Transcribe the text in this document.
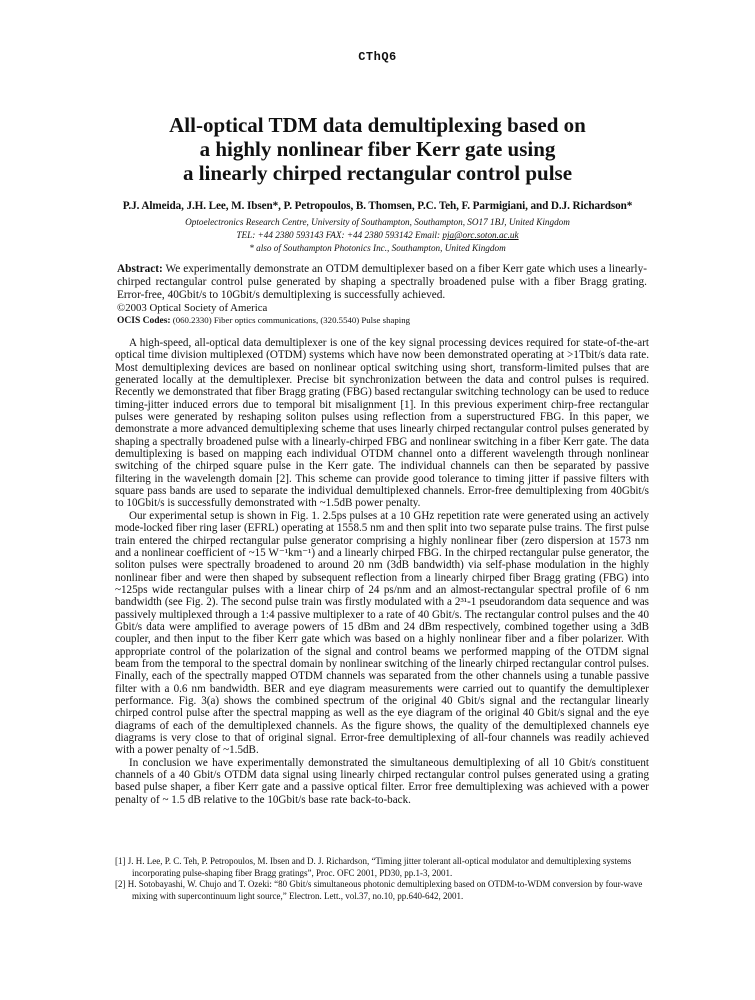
CThQ6
All-optical TDM data demultiplexing based on
a highly nonlinear fiber Kerr gate using
a linearly chirped rectangular control pulse
P.J. Almeida, J.H. Lee, M. Ibsen*, P. Petropoulos, B. Thomsen, P.C. Teh, F. Parmigiani, and D.J. Richardson*
Optoelectronics Research Centre, University of Southampton, Southampton, SO17 1BJ, United Kingdom
TEL: +44 2380 593143 FAX: +44 2380 593142 Email: pja@orc.soton.ac.uk
* also of Southampton Photonics Inc., Southampton, United Kingdom
Abstract: We experimentally demonstrate an OTDM demultiplexer based on a fiber Kerr gate which uses a linearly-chirped rectangular control pulse generated by shaping a spectrally broadened pulse with a fiber Bragg grating. Error-free, 40Gbit/s to 10Gbit/s demultiplexing is successfully achieved.
©2003 Optical Society of America
OCIS Codes: (060.2330) Fiber optics communications, (320.5540) Pulse shaping

A high-speed, all-optical data demultiplexer is one of the key signal processing devices required for state-of-the-art optical time division multiplexed (OTDM) systems which have now been demonstrated operating at >1Tbit/s data rate. Most demultiplexing devices are based on nonlinear optical switching using short, transform-limited pulses that are generated locally at the demultiplexer. Precise bit synchronization between the data and control pulses is required. Recently we demonstrated that fiber Bragg grating (FBG) based rectangular switching technology can be used to reduce timing-jitter induced errors due to temporal bit misalignment [1]. In this previous experiment chirp-free rectangular pulses were generated by reshaping soliton pulses using reflection from a superstructured FBG. In this paper, we demonstrate a more advanced demultiplexing scheme that uses linearly chirped rectangular control pulses generated by shaping a spectrally broadened pulse with a linearly-chirped FBG and nonlinear switching in a fiber Kerr gate. The data demultiplexing is based on mapping each individual OTDM channel onto a different wavelength through nonlinear switching of the chirped square pulse in the Kerr gate. The individual channels can then be separated by passive filtering in the wavelength domain [2]. This scheme can provide good tolerance to timing jitter if passive filters with square pass bands are used to separate the individual demultiplexed channels. Error-free demultiplexing from 40Gbit/s to 10Gbit/s is successfully demonstrated with ~1.5dB power penalty.

Our experimental setup is shown in Fig. 1. 2.5ps pulses at a 10 GHz repetition rate were generated using an actively mode-locked fiber ring laser (EFRL) operating at 1558.5 nm and then split into two separate pulse trains. The first pulse train entered the chirped rectangular pulse generator comprising a highly nonlinear fiber (zero dispersion at 1573 nm and a nonlinear coefficient of ~15 W⁻¹km⁻¹) and a linearly chirped FBG. In the chirped rectangular pulse generator, the soliton pulses were spectrally broadened to around 20 nm (3dB bandwidth) via self-phase modulation in the highly nonlinear fiber and were then shaped by subsequent reflection from a linearly chirped fiber Bragg grating (FBG) into ~125ps wide rectangular pulses with a linear chirp of 24 ps/nm and an almost-rectangular spectral profile of 6 nm bandwidth (see Fig. 2). The second pulse train was firstly modulated with a 2³¹-1 pseudorandom data sequence and was passively multiplexed through a 1:4 passive multiplexer to a rate of 40 Gbit/s. The rectangular control pulses and the 40 Gbit/s data were amplified to average powers of 15 dBm and 24 dBm respectively, combined together using a 3dB coupler, and then input to the fiber Kerr gate which was based on a highly nonlinear fiber and a fiber polarizer. With appropriate control of the polarization of the signal and control beams we performed mapping of the OTDM signal beam from the temporal to the spectral domain by nonlinear switching of the linearly chirped rectangular control pulses. Finally, each of the spectrally mapped OTDM channels was separated from the other channels using a tunable passive filter with a 0.6 nm bandwidth. BER and eye diagram measurements were carried out to quantify the demultiplexer performance. Fig. 3(a) shows the combined spectrum of the original 40 Gbit/s signal and the rectangular linearly chirped control pulse after the spectral mapping as well as the eye diagram of the original 40 Gbit/s signal and the eye diagrams of each of the demultiplexed channels. As the figure shows, the quality of the demultiplexed channels eye diagrams is very close to that of original signal. Error-free demultiplexing of all-four channels was readily achieved with a power penalty of ~1.5dB.

In conclusion we have experimentally demonstrated the simultaneous demultiplexing of all 10 Gbit/s constituent channels of a 40 Gbit/s OTDM data signal using linearly chirped rectangular control pulses generated using a grating based pulse shaper, a fiber Kerr gate and a passive optical filter. Error free demultiplexing was achieved with a power penalty of ~ 1.5 dB relative to the 10Gbit/s base rate back-to-back.

[1] J. H. Lee, P. C. Teh, P. Petropoulos, M. Ibsen and D. J. Richardson, “Timing jitter tolerant all-optical modulator and demultiplexing systems incorporating pulse-shaping fiber Bragg gratings”, Proc. OFC 2001, PD30, pp.1-3, 2001.

[2] H. Sotobayashi, W. Chujo and T. Ozeki: “80 Gbit/s simultaneous photonic demultiplexing based on OTDM-to-WDM conversion by four-wave mixing with supercontinuum light source,” Electron. Lett., vol.37, no.10, pp.640-642, 2001.
